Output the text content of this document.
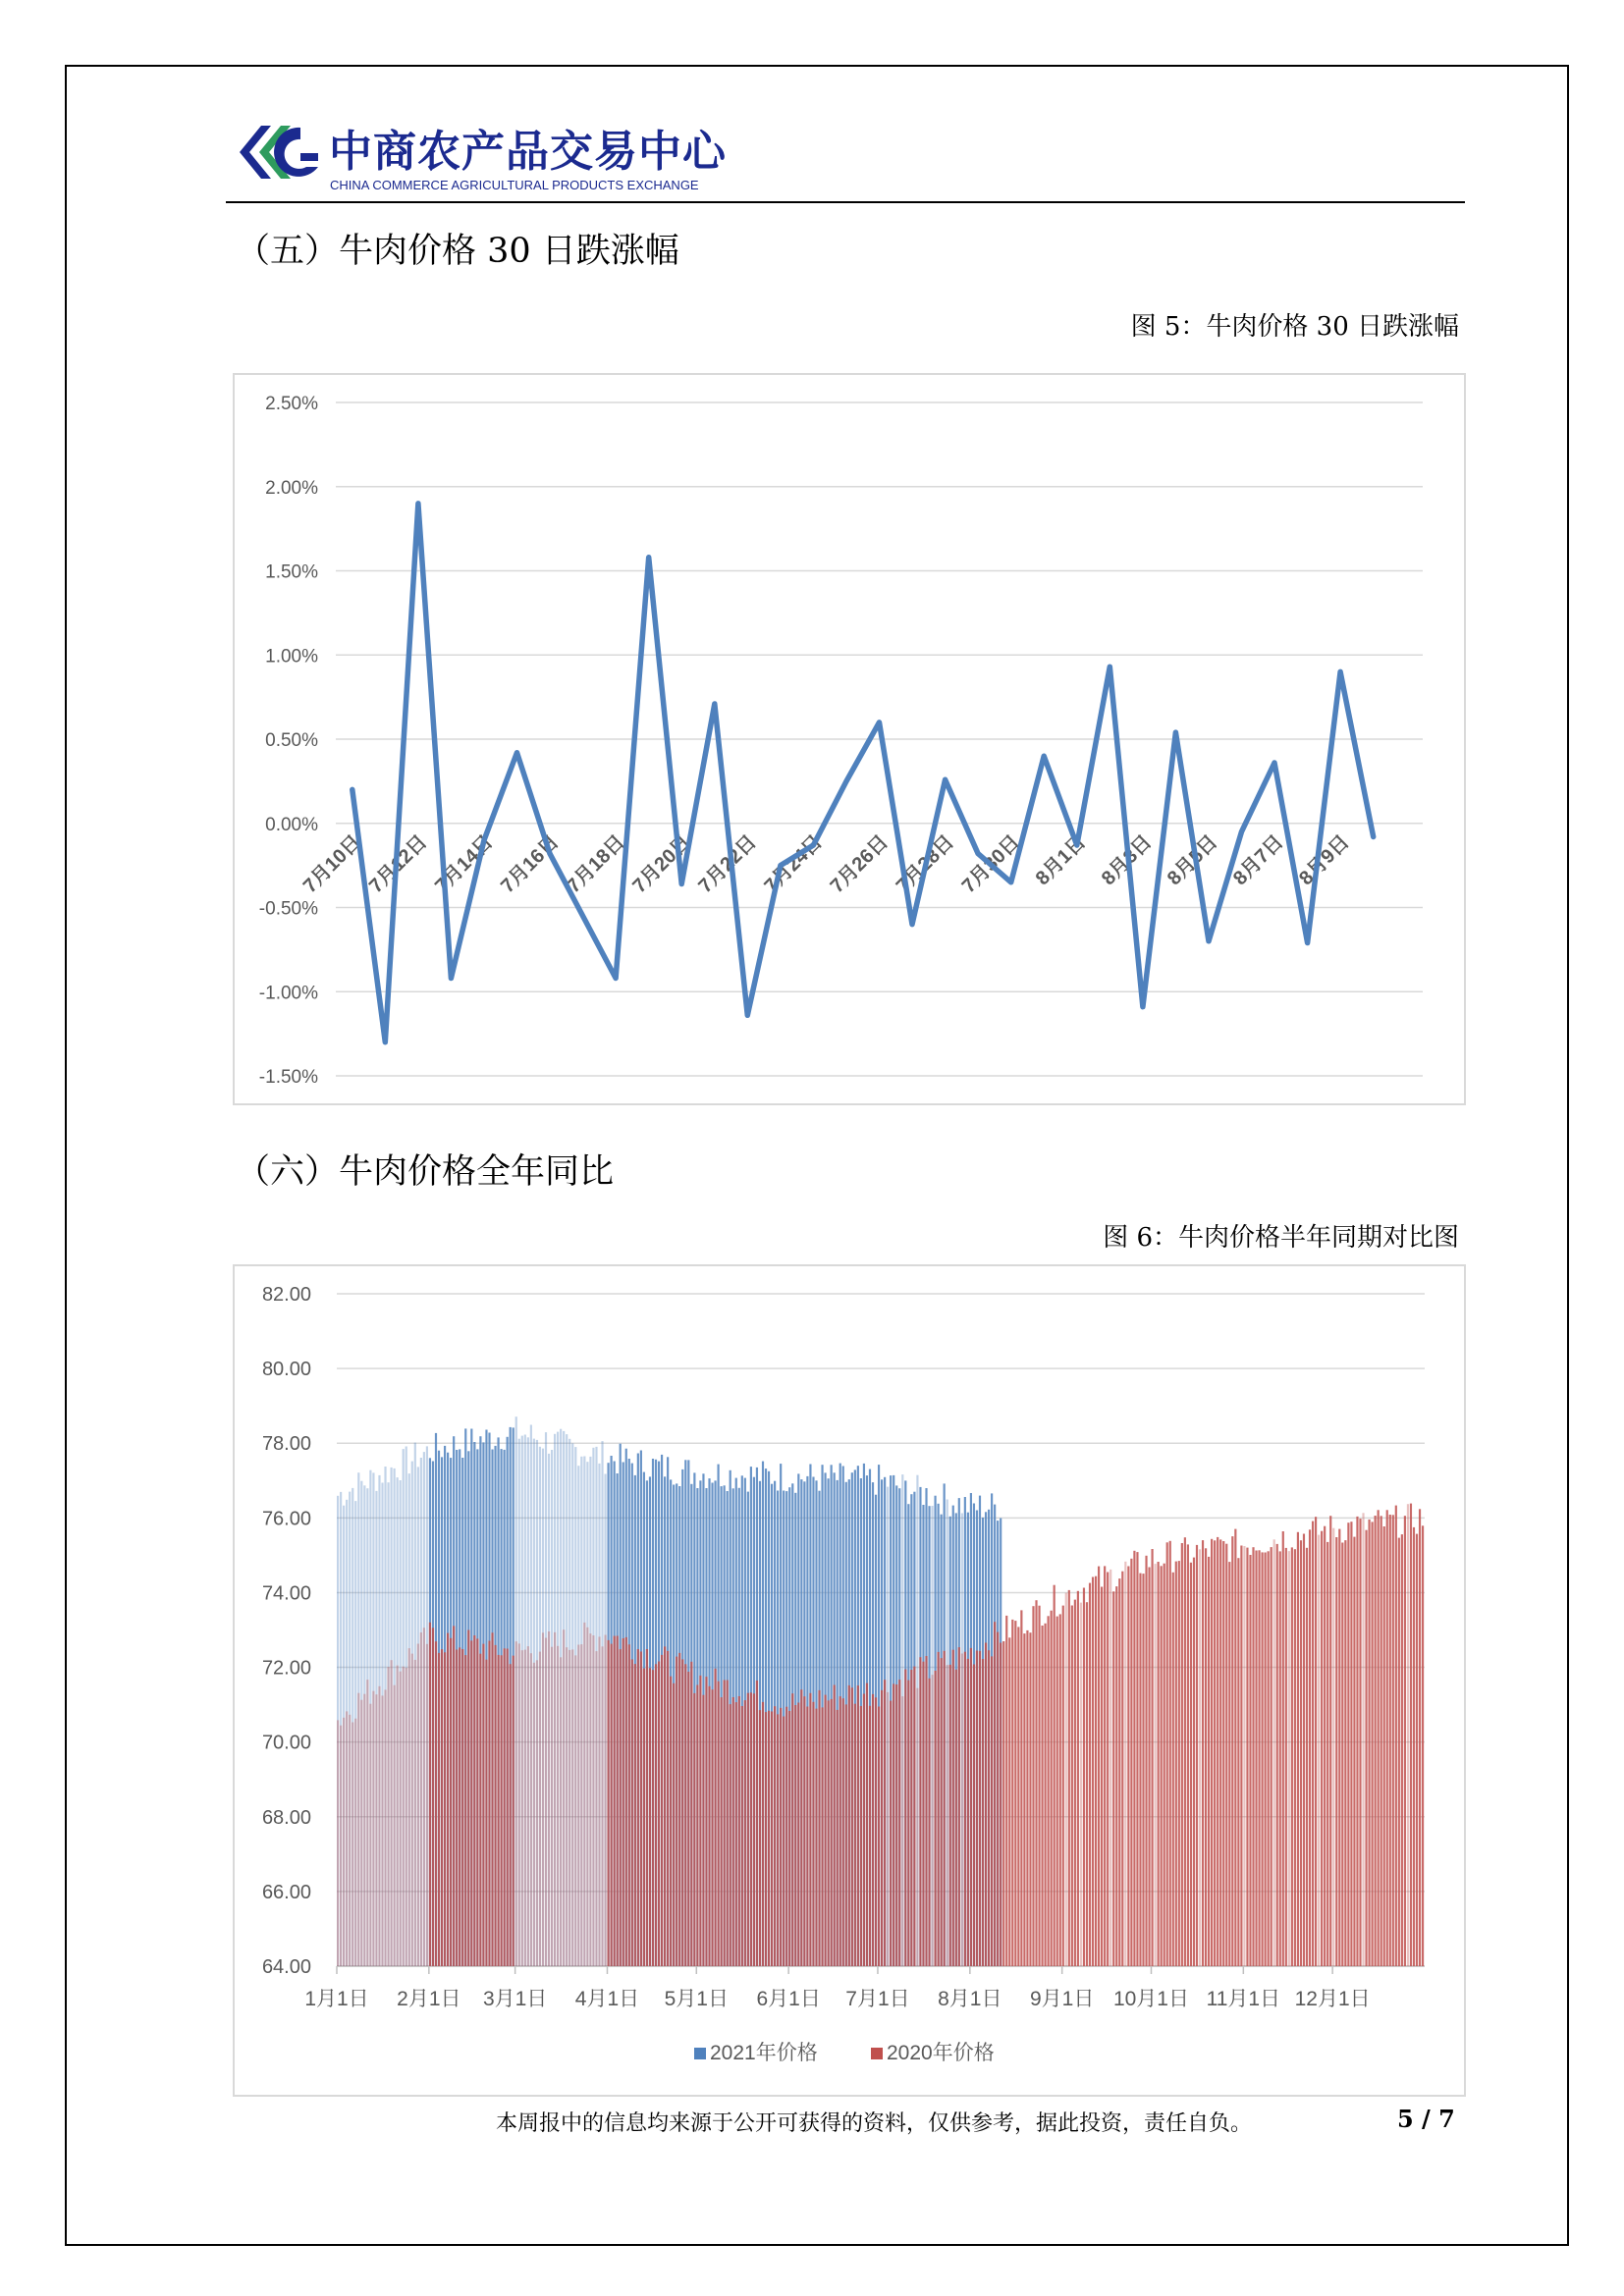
中商农产品交易中心
CHINA COMMERCE AGRICULTURAL PRODUCTS EXCHANGE
（五）牛肉价格 30 日跌涨幅
图 5：牛肉价格 30 日跌涨幅
2.50%
2.00%
1.50%
1.00%
0.50%
0.00%
-0.50%
-1.00%
-1.50%
7月10日 7月12日 7月14日 7月16日 7月18日 7月20日 7月22日 7月24日 7月26日 7月28日 7月30日 8月1日 8月3日 8月5日 8月7日 8月9日
（六）牛肉价格全年同比
图 6：牛肉价格半年同期对比图
82.00
80.00
78.00
76.00
74.00
72.00
70.00
68.00
66.00
64.00
1月1日 2月1日 3月1日 4月1日 5月1日 6月1日 7月1日 8月1日 9月1日 10月1日 11月1日 12月1日
2021年价格	2020年价格
本周报中的信息均来源于公开可获得的资料，仅供参考，据此投资，责任自负。	5 / 7
